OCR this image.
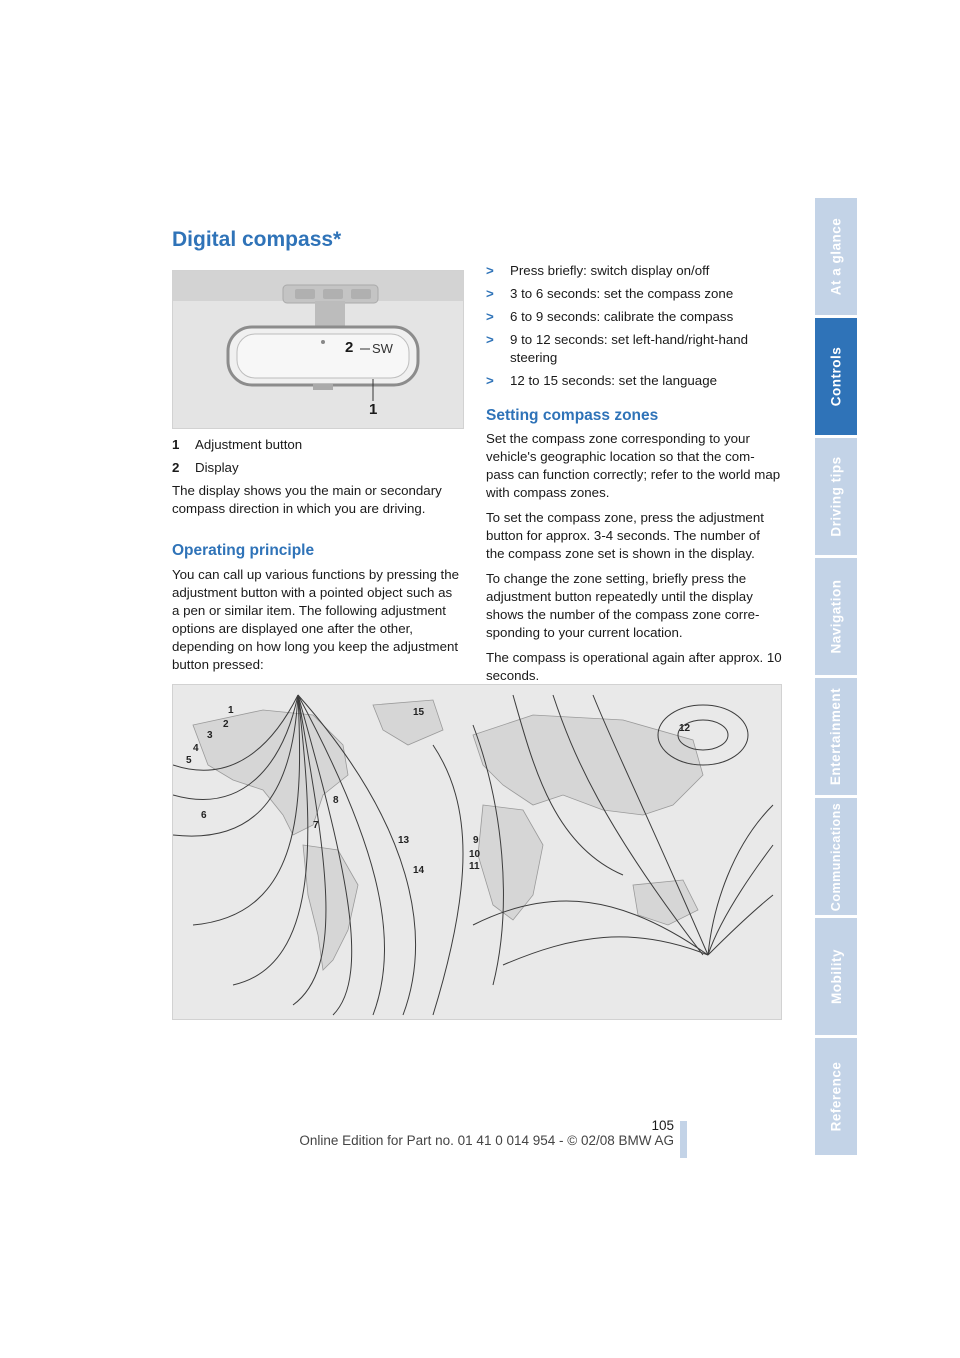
At a glance
Controls
Driving tips
Navigation
Entertainment
Communications
Mobility
Reference
Digital compass*
2 SW
1
1	Adjustment button
2	Display

The display shows you the main or secondary compass direction in which you are driving.

Operating principle

You can call up various functions by pressing the adjustment button with a pointed object such as a pen or similar item. The following adjustment options are displayed one after the other, depending on how long you keep the adjustment button pressed:

>	Press briefly: switch display on/off
>	3 to 6 seconds: set the compass zone
>	6 to 9 seconds: calibrate the compass
>	9 to 12 seconds: set left-hand/right-hand steering
>	12 to 15 seconds: set the language
Setting compass zones

Set the compass zone corresponding to your vehicle's geographic location so that the com-pass can function correctly; refer to the world map with compass zones.

To set the compass zone, press the adjustment button for approx. 3-4 seconds. The number of the compass zone set is shown in the display.

To change the zone setting, briefly press the adjustment button repeatedly until the display shows the number of the compass zone corre-sponding to your current location.

The compass is operational again after approx. 10 seconds.

1
2
3
4
5
6
7
8
9
10
11
12
13
14
15
105
Online Edition for Part no. 01 41 0 014 954 - © 02/08 BMW AG
